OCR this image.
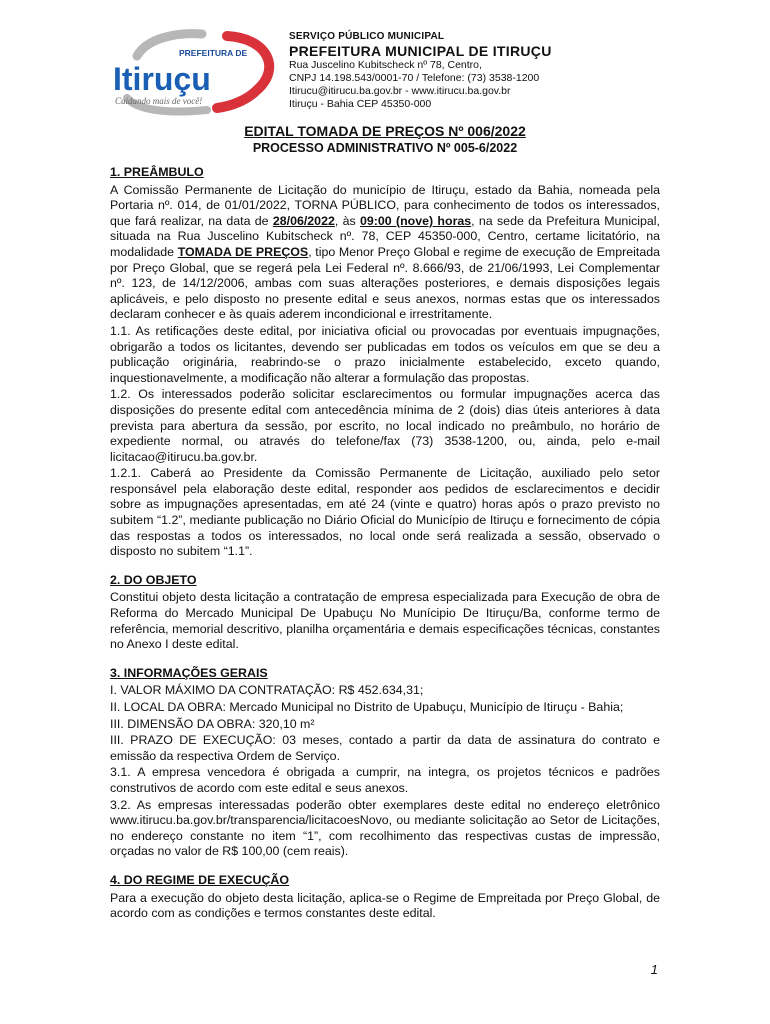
PREFEITURA DE
Itiruçu
Cuidando mais de você!
SERVIÇO PÚBLICO MUNICIPAL
PREFEITURA MUNICIPAL DE ITIRUÇU
Rua Juscelino Kubitscheck nº 78, Centro,
CNPJ 14.198.543/0001-70 / Telefone: (73) 3538-1200
Itirucu@itirucu.ba.gov.br - www.itirucu.ba.gov.br
Itiruçu - Bahia CEP 45350-000
EDITAL TOMADA DE PREÇOS Nº 006/2022
PROCESSO ADMINISTRATIVO Nº 005-6/2022

1. PREÂMBULO

A Comissão Permanente de Licitação do município de Itiruçu, estado da Bahia, nomeada pela Portaria nº. 014, de 01/01/2022, TORNA PÚBLICO, para conhecimento de todos os interessados, que fará realizar, na data de 28/06/2022, às 09:00 (nove) horas, na sede da Prefeitura Municipal, situada na Rua Juscelino Kubitscheck nº. 78, CEP 45350-000, Centro, certame licitatório, na modalidade TOMADA DE PREÇOS, tipo Menor Preço Global e regime de execução de Empreitada por Preço Global, que se regerá pela Lei Federal nº. 8.666/93, de 21/06/1993, Lei Complementar nº. 123, de 14/12/2006, ambas com suas alterações posteriores, e demais disposições legais aplicáveis, e pelo disposto no presente edital e seus anexos, normas estas que os interessados declaram conhecer e às quais aderem incondicional e irrestritamente.

1.1. As retificações deste edital, por iniciativa oficial ou provocadas por eventuais impugnações, obrigarão a todos os licitantes, devendo ser publicadas em todos os veículos em que se deu a publicação originária, reabrindo-se o prazo inicialmente estabelecido, exceto quando, inquestionavelmente, a modificação não alterar a formulação das propostas.

1.2. Os interessados poderão solicitar esclarecimentos ou formular impugnações acerca das disposições do presente edital com antecedência mínima de 2 (dois) dias úteis anteriores à data prevista para abertura da sessão, por escrito, no local indicado no preâmbulo, no horário de expediente normal, ou através do telefone/fax (73) 3538-1200, ou, ainda, pelo e-mail licitacao@itirucu.ba.gov.br.

1.2.1. Caberá ao Presidente da Comissão Permanente de Licitação, auxiliado pelo setor responsável pela elaboração deste edital, responder aos pedidos de esclarecimentos e decidir sobre as impugnações apresentadas, em até 24 (vinte e quatro) horas após o prazo previsto no subitem “1.2”, mediante publicação no Diário Oficial do Município de Itiruçu e fornecimento de cópia das respostas a todos os interessados, no local onde será realizada a sessão, observado o disposto no subitem “1.1”.

2. DO OBJETO

Constitui objeto desta licitação a contratação de empresa especializada para Execução de obra de Reforma do Mercado Municipal De Upabuçu No Munícipio De Itiruçu/Ba, conforme termo de referência, memorial descritivo, planilha orçamentária e demais especificações técnicas, constantes no Anexo I deste edital.

3. INFORMAÇÕES GERAIS

I. VALOR MÁXIMO DA CONTRATAÇÃO: R$ 452.634,31;

II. LOCAL DA OBRA: Mercado Municipal no Distrito de Upabuçu, Município de Itiruçu - Bahia;

III. DIMENSÃO DA OBRA: 320,10 m²

III. PRAZO DE EXECUÇÃO: 03 meses, contado a partir da data de assinatura do contrato e emissão da respectiva Ordem de Serviço.

3.1. A empresa vencedora é obrigada a cumprir, na integra, os projetos técnicos e padrões construtivos de acordo com este edital e seus anexos.

3.2. As empresas interessadas poderão obter exemplares deste edital no endereço eletrônico www.itirucu.ba.gov.br/transparencia/licitacoesNovo, ou mediante solicitação ao Setor de Licitações, no endereço constante no item “1”, com recolhimento das respectivas custas de impressão, orçadas no valor de R$ 100,00 (cem reais).

4. DO REGIME DE EXECUÇÃO

Para a execução do objeto desta licitação, aplica-se o Regime de Empreitada por Preço Global, de acordo com as condições e termos constantes deste edital.

1
